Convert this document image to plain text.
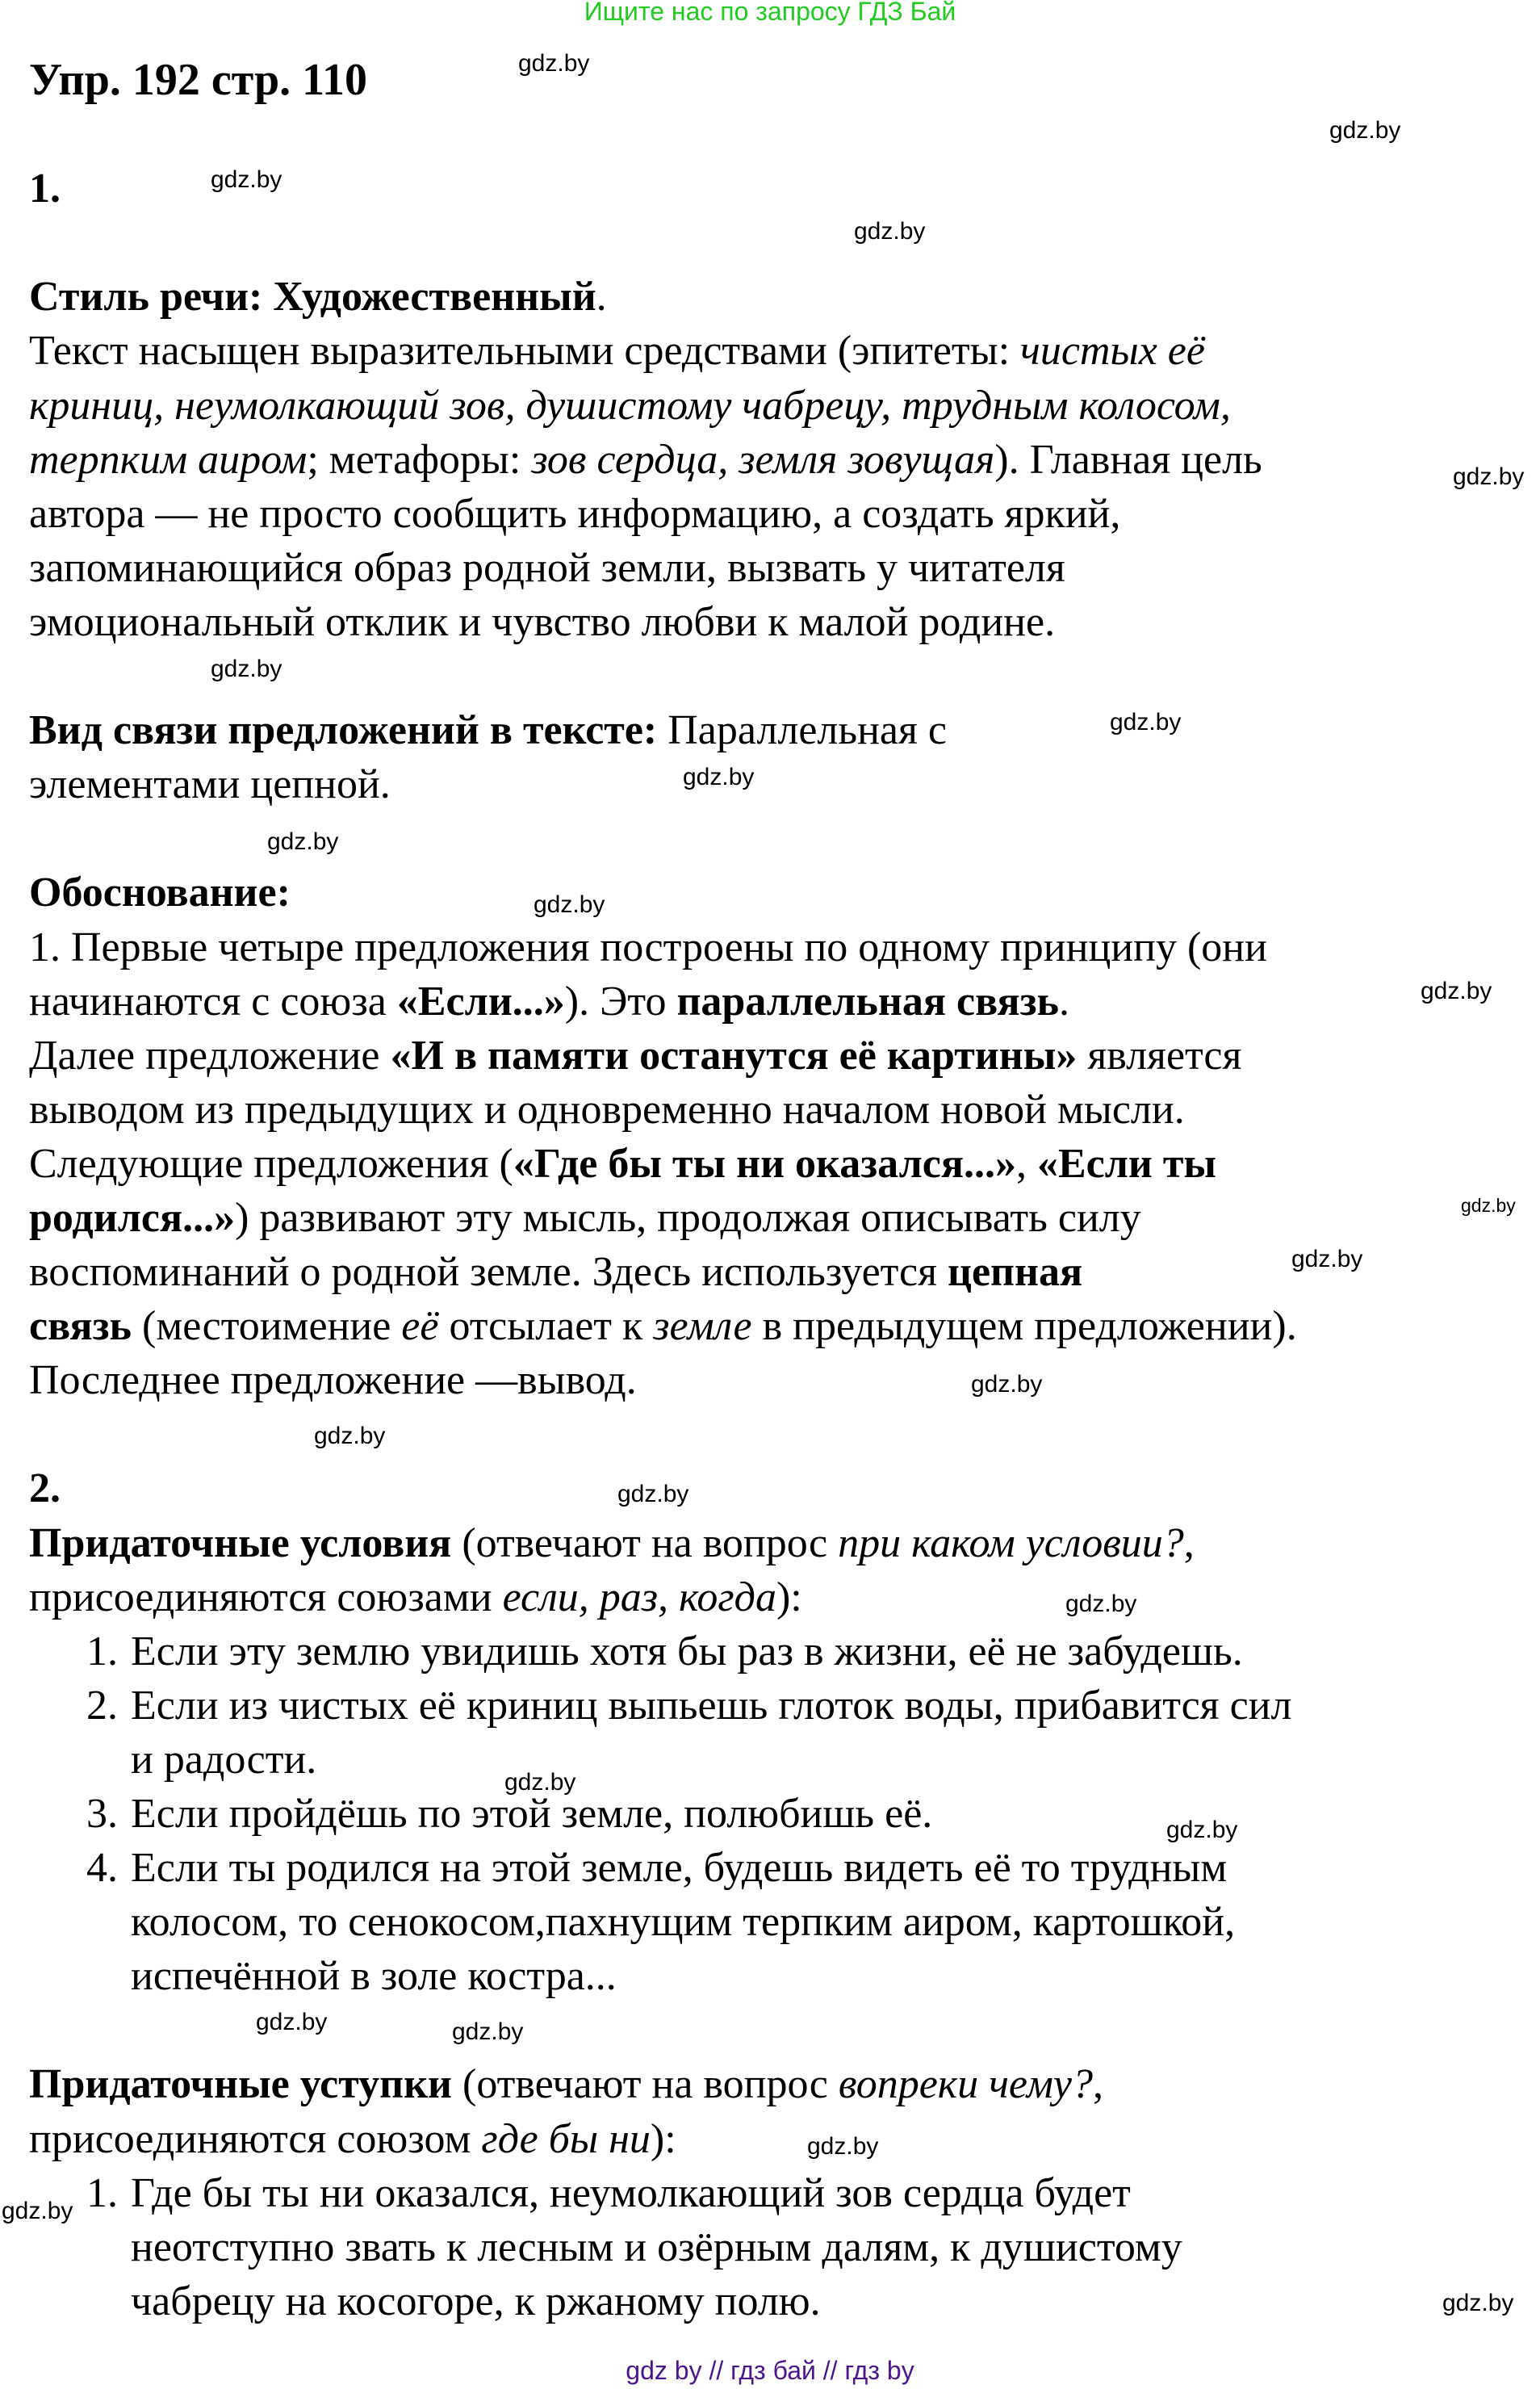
Ищите нас по запросу ГДЗ Бай
Упр. 192 стр. 110
1.
Стиль речи: Художественный.
Текст насыщен выразительными средствами (эпитеты: чистых её
криниц, неумолкающий зов, душистому чабрецу, трудным колосом,
терпким аиром; метафоры: зов сердца, земля зовущая). Главная цель
автора — не просто сообщить информацию, а создать яркий,
запоминающийся образ родной земли, вызвать у читателя
эмоциональный отклик и чувство любви к малой родине.
Вид связи предложений в тексте: Параллельная с
элементами цепной.
Обоснование:
1. Первые четыре предложения построены по одному принципу (они
начинаются с союза «Если...»). Это параллельная связь.
Далее предложение «И в памяти останутся её картины» является
выводом из предыдущих и одновременно началом новой мысли.
Следующие предложения («Где бы ты ни оказался...», «Если ты
родился...») развивают эту мысль, продолжая описывать силу
воспоминаний о родной земле. Здесь используется цепная
связь (местоимение её отсылает к земле в предыдущем предложении).
Последнее предложение —вывод.
2.
Придаточные условия (отвечают на вопрос при каком условии?,
присоединяются союзами если, раз, когда):
1. Если эту землю увидишь хотя бы раз в жизни, её не забудешь.
2. Если из чистых её криниц выпьешь глоток воды, прибавится сил
и радости.
3. Если пройдёшь по этой земле, полюбишь её.
4. Если ты родился на этой земле, будешь видеть её то трудным
колосом, то сенокосом,пахнущим терпким аиром, картошкой,
испечённой в золе костра...
Придаточные уступки (отвечают на вопрос вопреки чему?,
присоединяются союзом где бы ни):
1. Где бы ты ни оказался, неумолкающий зов сердца будет
неотступно звать к лесным и озёрным далям, к душистому
чабрецу на косогоре, к ржаному полю.
gdz.by
gdz.by
gdz.by
gdz.by
gdz.by
gdz.by
gdz.by
gdz.by
gdz.by
gdz.by
gdz.by
gdz.by
gdz.by
gdz.by
gdz.by
gdz.by
gdz.by
gdz.by
gdz.by
gdz.by	gdz.by
gdz.by
gdz.by
gdz.by
gdz by // гдз бай // гдз by
